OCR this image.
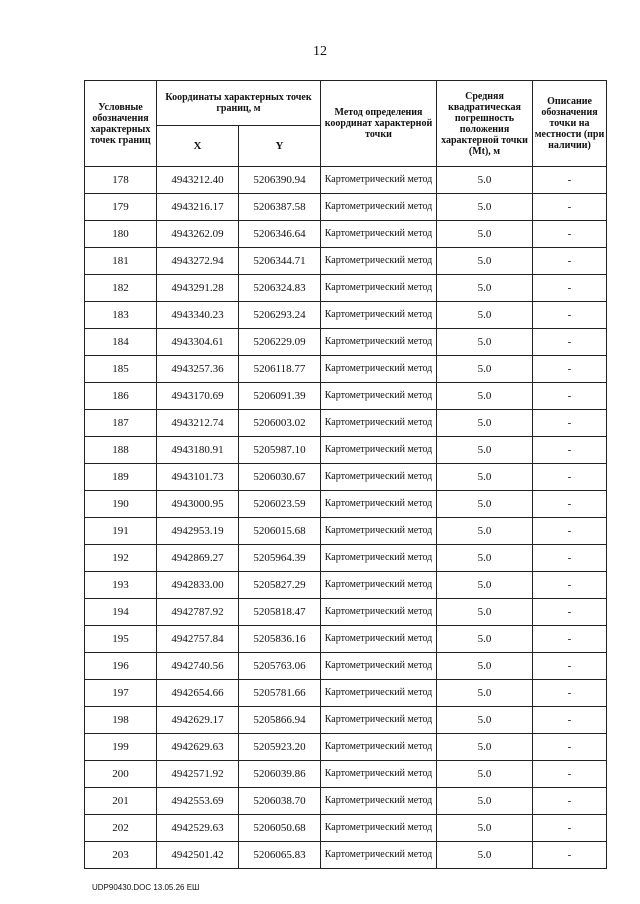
12
Условные обозначения характерных точек границ	Координаты характерных точек границ, м		Метод определения координат характерной точки	Средняя квадратическая погрешность положения характерной точки (Mt), м	Описание обозначения точки на местности (при наличии)
	X	Y			
178	4943212.40	5206390.94	Картометрический метод	5.0	-
179	4943216.17	5206387.58	Картометрический метод	5.0	-
180	4943262.09	5206346.64	Картометрический метод	5.0	-
181	4943272.94	5206344.71	Картометрический метод	5.0	-
182	4943291.28	5206324.83	Картометрический метод	5.0	-
183	4943340.23	5206293.24	Картометрический метод	5.0	-
184	4943304.61	5206229.09	Картометрический метод	5.0	-
185	4943257.36	5206118.77	Картометрический метод	5.0	-
186	4943170.69	5206091.39	Картометрический метод	5.0	-
187	4943212.74	5206003.02	Картометрический метод	5.0	-
188	4943180.91	5205987.10	Картометрический метод	5.0	-
189	4943101.73	5206030.67	Картометрический метод	5.0	-
190	4943000.95	5206023.59	Картометрический метод	5.0	-
191	4942953.19	5206015.68	Картометрический метод	5.0	-
192	4942869.27	5205964.39	Картометрический метод	5.0	-
193	4942833.00	5205827.29	Картометрический метод	5.0	-
194	4942787.92	5205818.47	Картометрический метод	5.0	-
195	4942757.84	5205836.16	Картометрический метод	5.0	-
196	4942740.56	5205763.06	Картометрический метод	5.0	-
197	4942654.66	5205781.66	Картометрический метод	5.0	-
198	4942629.17	5205866.94	Картометрический метод	5.0	-
199	4942629.63	5205923.20	Картометрический метод	5.0	-
200	4942571.92	5206039.86	Картометрический метод	5.0	-
201	4942553.69	5206038.70	Картометрический метод	5.0	-
202	4942529.63	5206050.68	Картометрический метод	5.0	-
203	4942501.42	5206065.83	Картометрический метод	5.0	-
UDP90430.DOC 13.05.26 ЕШ
